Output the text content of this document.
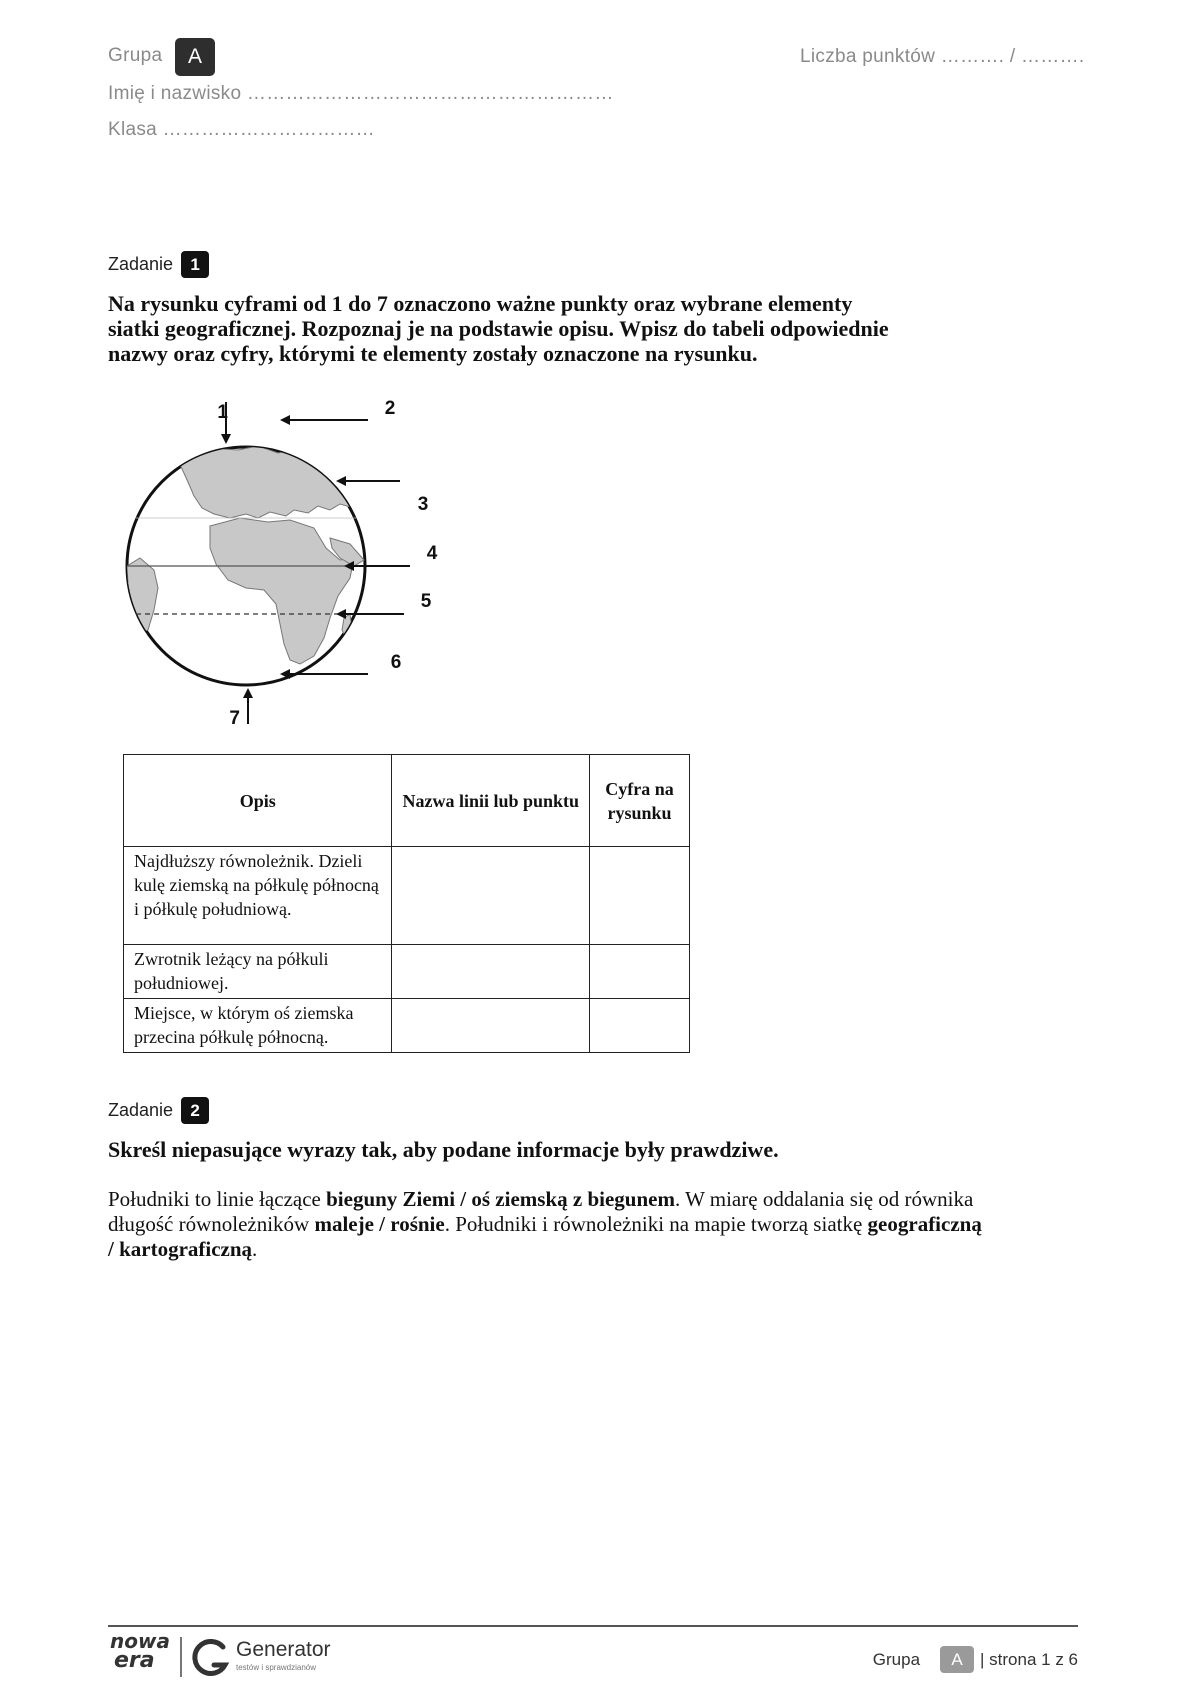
Grupa	A	Liczba punktów ………. / ……….
Imię i nazwisko …………………………………………………
Klasa ……………………………
Zadanie	1
Na rysunku cyframi od 1 do 7 oznaczono ważne punkty oraz wybrane elementy
siatki geograficznej. Rozpoznaj je na podstawie opisu. Wpisz do tabeli odpowiednie
nazwy oraz cyfry, którymi te elementy zostały oznaczone na rysunku.
1	2
3
4
5
6
7
Opis	Nazwa linii lub punktu	Cyfra na rysunku
Najdłuższy równoleżnik. Dzieli kulę ziemską na półkulę północną i półkulę południową.		
Zwrotnik leżący na półkuli południowej.		
Miejsce, w którym oś ziemska przecina półkulę północną.		
Zadanie	2
Skreśl niepasujące wyrazy tak, aby podane informacje były prawdziwe.
Południki to linie łączące bieguny Ziemi / oś ziemską z biegunem. W miarę oddalania się od równika długość równoleżników maleje / rośnie. Południki i równoleżniki na mapie tworzą siatkę geograficzną / kartograficzną.
nowa
era	Generator
testów i sprawdzianów	Grupa	A	| strona 1 z 6
